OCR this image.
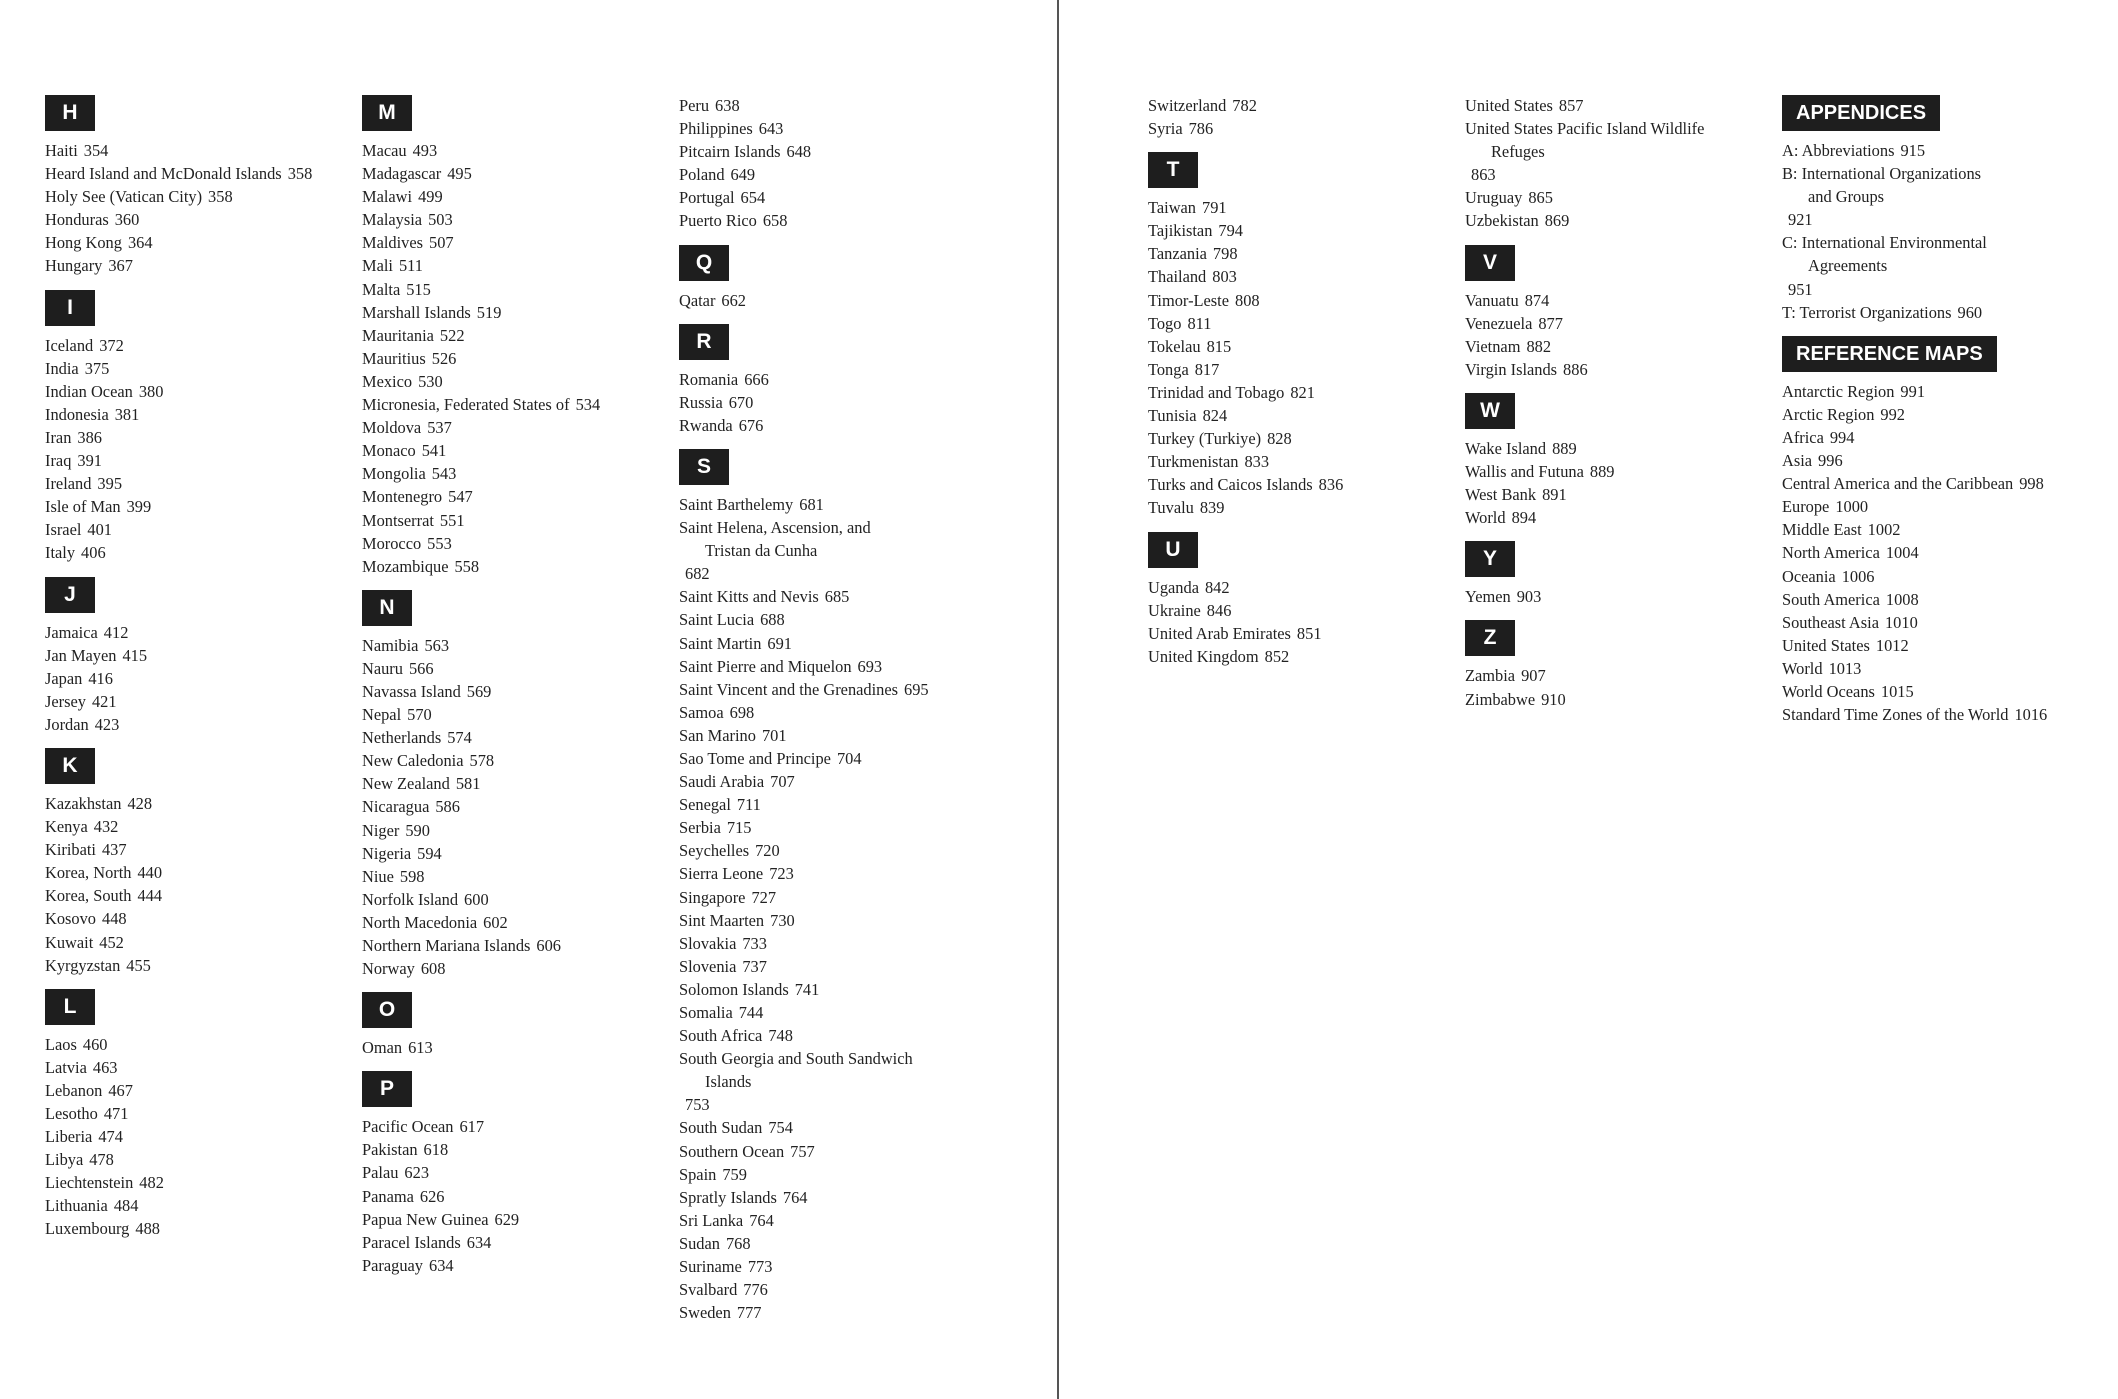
H
Haiti 354
Heard Island and McDonald Islands 358
Holy See (Vatican City) 358
Honduras 360
Hong Kong 364
Hungary 367
I
Iceland 372
India 375
Indian Ocean 380
Indonesia 381
Iran 386
Iraq 391
Ireland 395
Isle of Man 399
Israel 401
Italy 406
J
Jamaica 412
Jan Mayen 415
Japan 416
Jersey 421
Jordan 423
K
Kazakhstan 428
Kenya 432
Kiribati 437
Korea, North 440
Korea, South 444
Kosovo 448
Kuwait 452
Kyrgyzstan 455
L
Laos 460
Latvia 463
Lebanon 467
Lesotho 471
Liberia 474
Libya 478
Liechtenstein 482
Lithuania 484
Luxembourg 488
M
Macau 493
Madagascar 495
Malawi 499
Malaysia 503
Maldives 507
Mali 511
Malta 515
Marshall Islands 519
Mauritania 522
Mauritius 526
Mexico 530
Micronesia, Federated States of 534
Moldova 537
Monaco 541
Mongolia 543
Montenegro 547
Montserrat 551
Morocco 553
Mozambique 558
N
Namibia 563
Nauru 566
Navassa Island 569
Nepal 570
Netherlands 574
New Caledonia 578
New Zealand 581
Nicaragua 586
Niger 590
Nigeria 594
Niue 598
Norfolk Island 600
North Macedonia 602
Northern Mariana Islands 606
Norway 608
O
Oman 613
P
Pacific Ocean 617
Pakistan 618
Palau 623
Panama 626
Papua New Guinea 629
Paracel Islands 634
Paraguay 634
Peru 638
Philippines 643
Pitcairn Islands 648
Poland 649
Portugal 654
Puerto Rico 658
Q
Qatar 662
R
Romania 666
Russia 670
Rwanda 676
S
Saint Barthelemy 681
Saint Helena, Ascension, and
Tristan da Cunha
682
Saint Kitts and Nevis 685
Saint Lucia 688
Saint Martin 691
Saint Pierre and Miquelon 693
Saint Vincent and the Grenadines 695
Samoa 698
San Marino 701
Sao Tome and Principe 704
Saudi Arabia 707
Senegal 711
Serbia 715
Seychelles 720
Sierra Leone 723
Singapore 727
Sint Maarten 730
Slovakia 733
Slovenia 737
Solomon Islands 741
Somalia 744
South Africa 748
South Georgia and South Sandwich
Islands
753
South Sudan 754
Southern Ocean 757
Spain 759
Spratly Islands 764
Sri Lanka 764
Sudan 768
Suriname 773
Svalbard 776
Sweden 777
Switzerland 782
Syria 786
T
Taiwan 791
Tajikistan 794
Tanzania 798
Thailand 803
Timor-Leste 808
Togo 811
Tokelau 815
Tonga 817
Trinidad and Tobago 821
Tunisia 824
Turkey (Turkiye) 828
Turkmenistan 833
Turks and Caicos Islands 836
Tuvalu 839
U
Uganda 842
Ukraine 846
United Arab Emirates 851
United Kingdom 852
United States 857
United States Pacific Island Wildlife
Refuges
863
Uruguay 865
Uzbekistan 869
V
Vanuatu 874
Venezuela 877
Vietnam 882
Virgin Islands 886
W
Wake Island 889
Wallis and Futuna 889
West Bank 891
World 894
Y
Yemen 903
Z
Zambia 907
Zimbabwe 910
APPENDICES
A: Abbreviations 915
B: International Organizations
and Groups
921
C: International Environmental
Agreements
951
T: Terrorist Organizations 960
REFERENCE MAPS
Antarctic Region 991
Arctic Region 992
Africa 994
Asia 996
Central America and the Caribbean 998
Europe 1000
Middle East 1002
North America 1004
Oceania 1006
South America 1008
Southeast Asia 1010
United States 1012
World 1013
World Oceans 1015
Standard Time Zones of the World 1016
